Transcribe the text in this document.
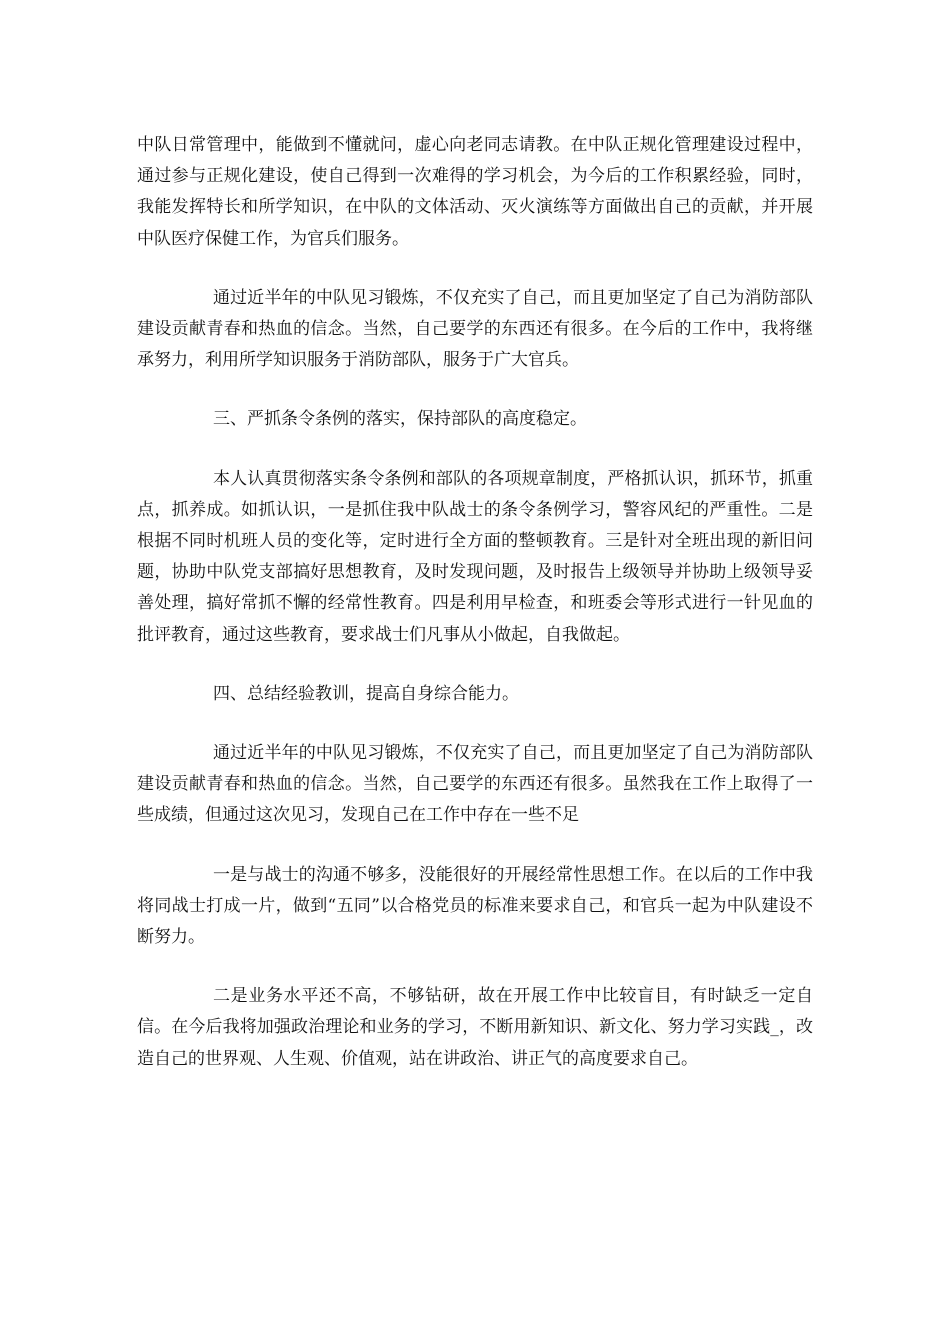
中队日常管理中，能做到不懂就问，虚心向老同志请教。在中队正规化管理建设过程中，通过参与正规化建设，使自己得到一次难得的学习机会，为今后的工作积累经验，同时，我能发挥特长和所学知识，在中队的文体活动、灭火演练等方面做出自己的贡献，并开展中队医疗保健工作，为官兵们服务。

通过近半年的中队见习锻炼，不仅充实了自己，而且更加坚定了自己为消防部队建设贡献青春和热血的信念。当然，自己要学的东西还有很多。在今后的工作中，我将继承努力，利用所学知识服务于消防部队，服务于广大官兵。

三、严抓条令条例的落实，保持部队的高度稳定。

本人认真贯彻落实条令条例和部队的各项规章制度，严格抓认识，抓环节，抓重点，抓养成。如抓认识，一是抓住我中队战士的条令条例学习，警容风纪的严重性。二是根据不同时机班人员的变化等，定时进行全方面的整顿教育。三是针对全班出现的新旧问题，协助中队党支部搞好思想教育，及时发现问题，及时报告上级领导并协助上级领导妥善处理，搞好常抓不懈的经常性教育。四是利用早检查，和班委会等形式进行一针见血的批评教育，通过这些教育，要求战士们凡事从小做起，自我做起。

四、总结经验教训，提高自身综合能力。

通过近半年的中队见习锻炼，不仅充实了自己，而且更加坚定了自己为消防部队建设贡献青春和热血的信念。当然，自己要学的东西还有很多。虽然我在工作上取得了一些成绩，但通过这次见习，发现自己在工作中存在一些不足

一是与战士的沟通不够多，没能很好的开展经常性思想工作。在以后的工作中我将同战士打成一片，做到“五同”以合格党员的标准来要求自己，和官兵一起为中队建设不断努力。

二是业务水平还不高，不够钻研，故在开展工作中比较盲目，有时缺乏一定自信。在今后我将加强政治理论和业务的学习，不断用新知识、新文化、努力学习实践_，改造自己的世界观、人生观、价值观，站在讲政治、讲正气的高度要求自己。
